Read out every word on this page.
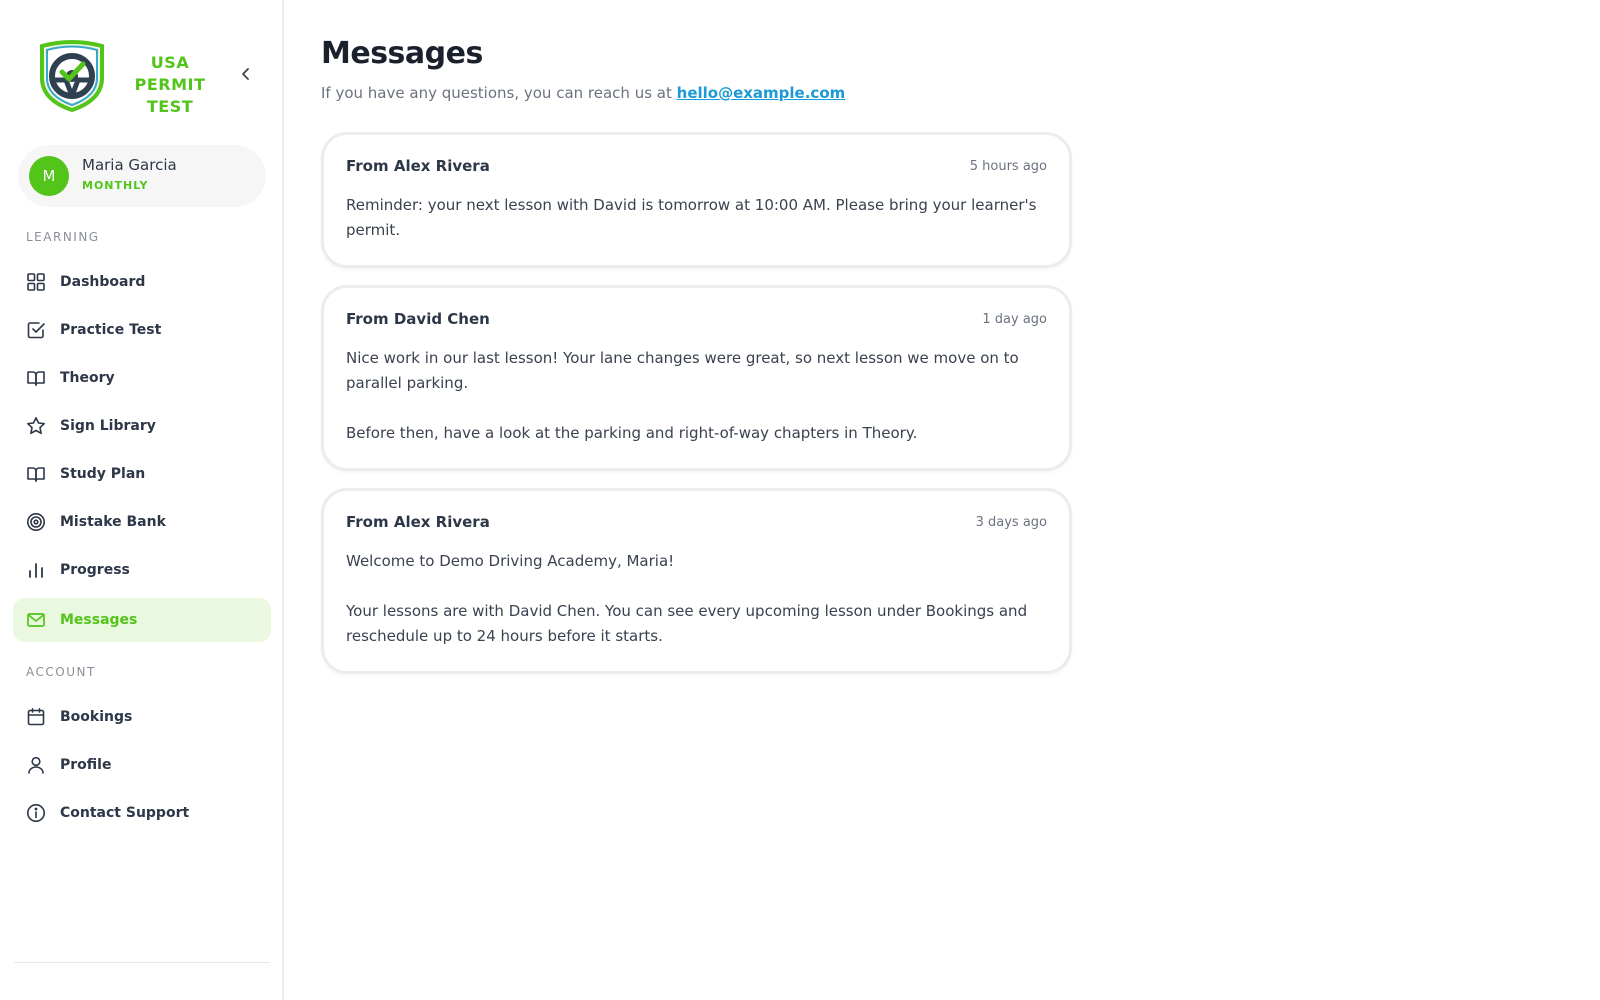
USA PERMIT
TEST
M
Maria Garcia
MONTHLY
LEARNING
Dashboard
Practice Test
Theory
Sign Library
Study Plan
Mistake Bank
Progress
Messages
ACCOUNT
Bookings
Profile
Contact Support
Messages
If you have any questions, you can reach us at hello@example.com
From Alex Rivera	5 hours ago

Reminder: your next lesson with David is tomorrow at 10:00 AM. Please bring your learner's permit.

From David Chen	1 day ago

Nice work in our last lesson! Your lane changes were great, so next lesson we move on to parallel parking.

Before then, have a look at the parking and right-of-way chapters in Theory.

From Alex Rivera	3 days ago

Welcome to Demo Driving Academy, Maria!

Your lessons are with David Chen. You can see every upcoming lesson under Bookings and reschedule up to 24 hours before it starts.
